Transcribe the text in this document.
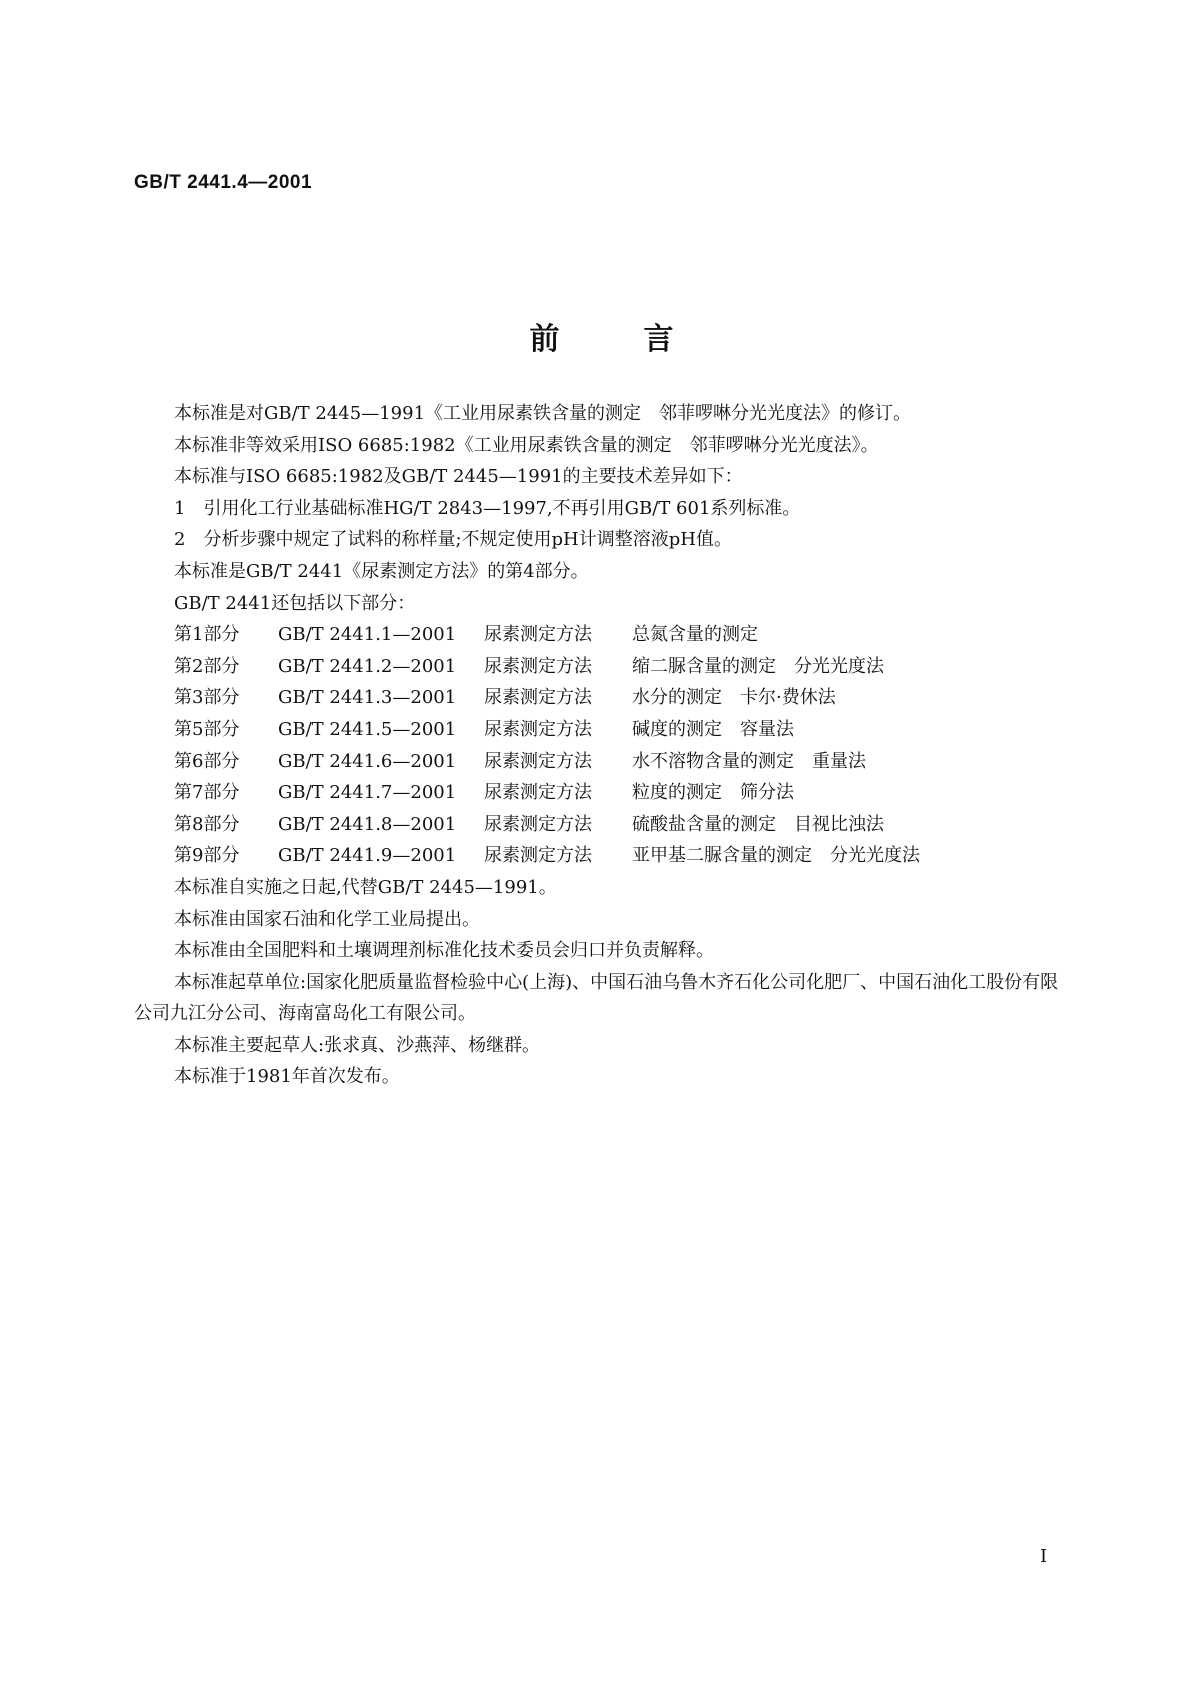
GB/T 2441.4—2001
前言
本标准是对GB/T 2445—1991《工业用尿素铁含量的测定　邻菲啰啉分光光度法》的修订。
本标准非等效采用ISO 6685:1982《工业用尿素铁含量的测定　邻菲啰啉分光光度法》。
本标准与ISO 6685:1982及GB/T 2445—1991的主要技术差异如下：
1　引用化工行业基础标准HG/T 2843—1997,不再引用GB/T 601系列标准。
2　分析步骤中规定了试料的称样量;不规定使用pH计调整溶液pH值。
本标准是GB/T 2441《尿素测定方法》的第4部分。
GB/T 2441还包括以下部分：
第1部分	GB/T 2441.1—2001	尿素测定方法	总氮含量的测定
第2部分	GB/T 2441.2—2001	尿素测定方法	缩二脲含量的测定　分光光度法
第3部分	GB/T 2441.3—2001	尿素测定方法	水分的测定　卡尔·费休法
第5部分	GB/T 2441.5—2001	尿素测定方法	碱度的测定　容量法
第6部分	GB/T 2441.6—2001	尿素测定方法	水不溶物含量的测定　重量法
第7部分	GB/T 2441.7—2001	尿素测定方法	粒度的测定　筛分法
第8部分	GB/T 2441.8—2001	尿素测定方法	硫酸盐含量的测定　目视比浊法
第9部分	GB/T 2441.9—2001	尿素测定方法	亚甲基二脲含量的测定　分光光度法
本标准自实施之日起,代替GB/T 2445—1991。
本标准由国家石油和化学工业局提出。
本标准由全国肥料和土壤调理剂标准化技术委员会归口并负责解释。
本标准起草单位:国家化肥质量监督检验中心(上海)、中国石油乌鲁木齐石化公司化肥厂、中国石油化工股份有限公司九江分公司、海南富岛化工有限公司。
本标准主要起草人:张求真、沙燕萍、杨继群。
本标准于1981年首次发布。
I
